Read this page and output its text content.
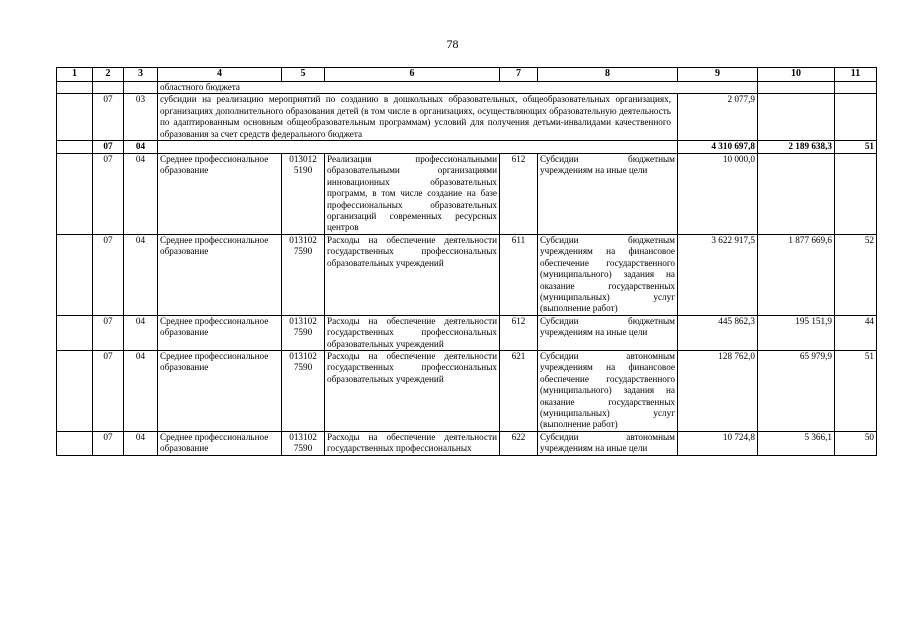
78
1	2	3	4	5	6	7	8	9	10	11
			областного бюджета							
	07	03	субсидии на реализацию мероприятий по созданию в дошкольных образовательных, общеобразовательных организациях, организациях дополнительного образования детей (в том числе в организациях, осуществляющих образовательную деятельность по адаптированным основным общеобразовательным программам) условий для получения детьми-инвалидами качественного образования за счет средств федерального бюджета					2 077,9		
	07	04						4 310 697,8	2 189 638,3	51
	07	04	Среднее профессиональное образование	013012 5190	Реализация профессиональными образовательными организациями инновационных образовательных программ, в том числе создание на базе профессиональных образовательных организаций современных ресурсных центров	612	Субсидии бюджетным учреждениям на иные цели	10 000,0		
	07	04	Среднее профессиональное образование	013102 7590	Расходы на обеспечение деятельности государственных профессиональных образовательных учреждений	611	Субсидии бюджетным учреждениям на финансовое обеспечение государственного (муниципального) задания на оказание государственных (муниципальных) услуг (выполнение работ)	3 622 917,5	1 877 669,6	52
	07	04	Среднее профессиональное образование	013102 7590	Расходы на обеспечение деятельности государственных профессиональных образовательных учреждений	612	Субсидии бюджетным учреждениям на иные цели	445 862,3	195 151,9	44
	07	04	Среднее профессиональное образование	013102 7590	Расходы на обеспечение деятельности государственных профессиональных образовательных учреждений	621	Субсидии автономным учреждениям на финансовое обеспечение государственного (муниципального) задания на оказание государственных (муниципальных) услуг (выполнение работ)	128 762,0	65 979,9	51
	07	04	Среднее профессиональное образование	013102 7590	Расходы на обеспечение деятельности государственных профессиональных	622	Субсидии автономным учреждениям на иные цели	10 724,8	5 366,1	50
